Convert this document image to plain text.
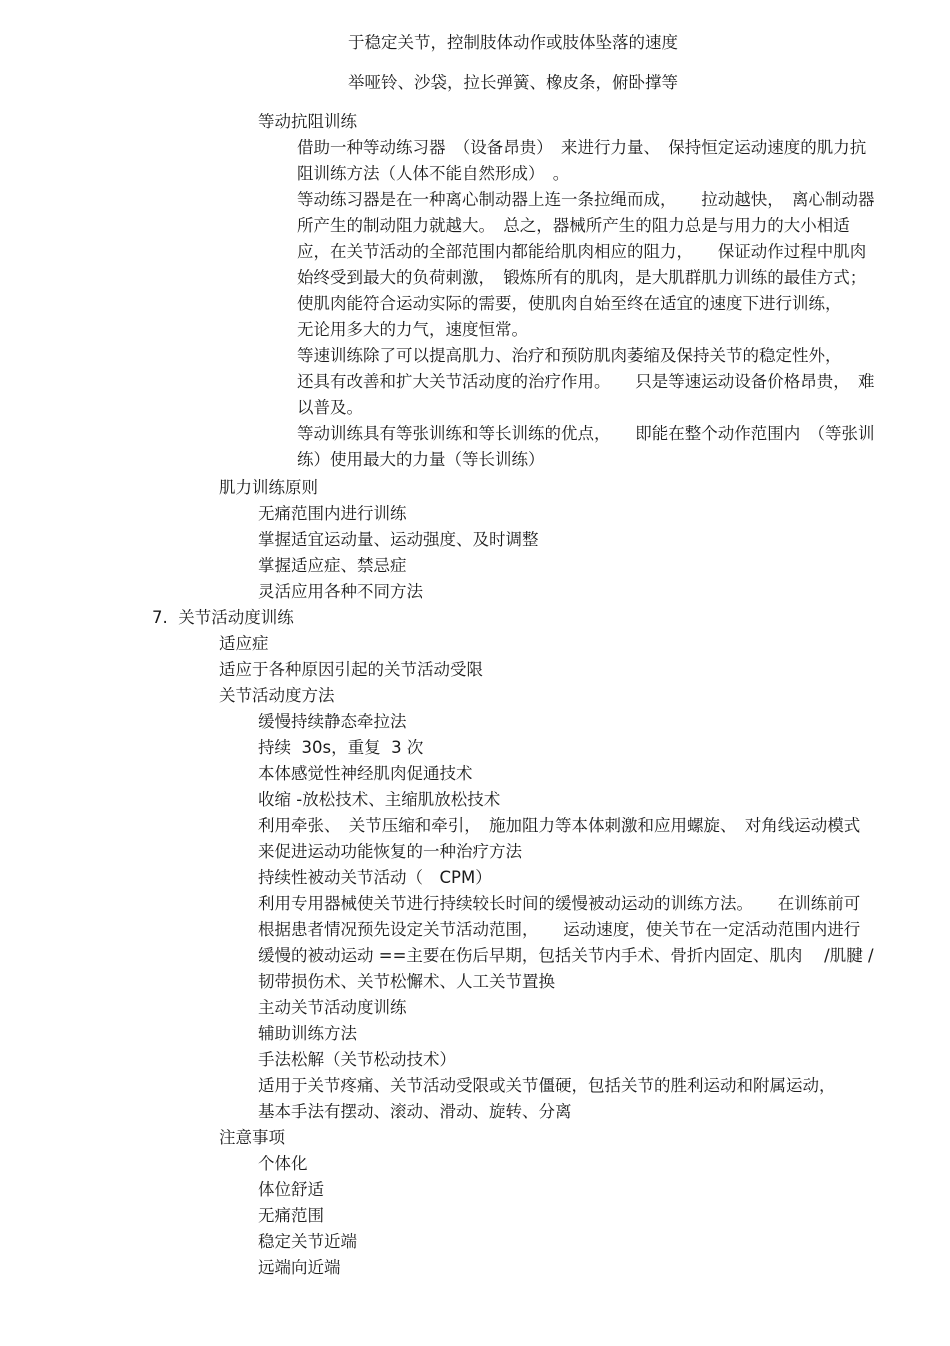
于稳定关节，控制肢体动作或肢体坠落的速度
举哑铃、沙袋，拉长弹簧、橡皮条，俯卧撑等
等动抗阻训练
借助一种等动练习器　（设备昂贵）　来进行力量、　保持恒定运动速度的肌力抗
阻训练方法（人体不能自然形成）　。
等动练习器是在一种离心制动器上连一条拉绳而成，　　拉动越快，　离心制动器
所产生的制动阻力就越大。　总之，器械所产生的阻力总是与用力的大小相适
应，在关节活动的全部范围内都能给肌肉相应的阻力，　　保证动作过程中肌肉
始终受到最大的负荷刺激，　锻炼所有的肌肉，是大肌群肌力训练的最佳方式；
使肌肉能符合运动实际的需要，使肌肉自始至终在适宜的速度下进行训练，
无论用多大的力气，速度恒常。
等速训练除了可以提高肌力、治疗和预防肌肉萎缩及保持关节的稳定性外，
还具有改善和扩大关节活动度的治疗作用。　　只是等速运动设备价格昂贵，　难
以普及。
等动训练具有等张训练和等长训练的优点，　　即能在整个动作范围内　（等张训
练）使用最大的力量（等长训练）
肌力训练原则
无痛范围内进行训练
掌握适宜运动量、运动强度、及时调整
掌握适应症、禁忌症
灵活应用各种不同方法
7.  关节活动度训练
适应症
适应于各种原因引起的关节活动受限
关节活动度方法
缓慢持续静态牵拉法
持续  30s，重复  3 次
本体感觉性神经肌肉促通技术
收缩 -放松技术、主缩肌放松技术
利用牵张、　关节压缩和牵引，　施加阻力等本体刺激和应用螺旋、　对角线运动模式
来促进运动功能恢复的一种治疗方法
持续性被动关节活动（　CPM）
利用专用器械使关节进行持续较长时间的缓慢被动运动的训练方法。　　在训练前可
根据患者情况预先设定关节活动范围，　　运动速度，使关节在一定活动范围内进行
缓慢的被动运动 ==主要在伤后早期，包括关节内手术、骨折内固定、肌肉　 /肌腱 /
韧带损伤术、关节松懈术、人工关节置换
主动关节活动度训练
辅助训练方法
手法松解（关节松动技术）
适用于关节疼痛、关节活动受限或关节僵硬，包括关节的胜利运动和附属运动，
基本手法有摆动、滚动、滑动、旋转、分离
注意事项
个体化
体位舒适
无痛范围
稳定关节近端
远端向近端
